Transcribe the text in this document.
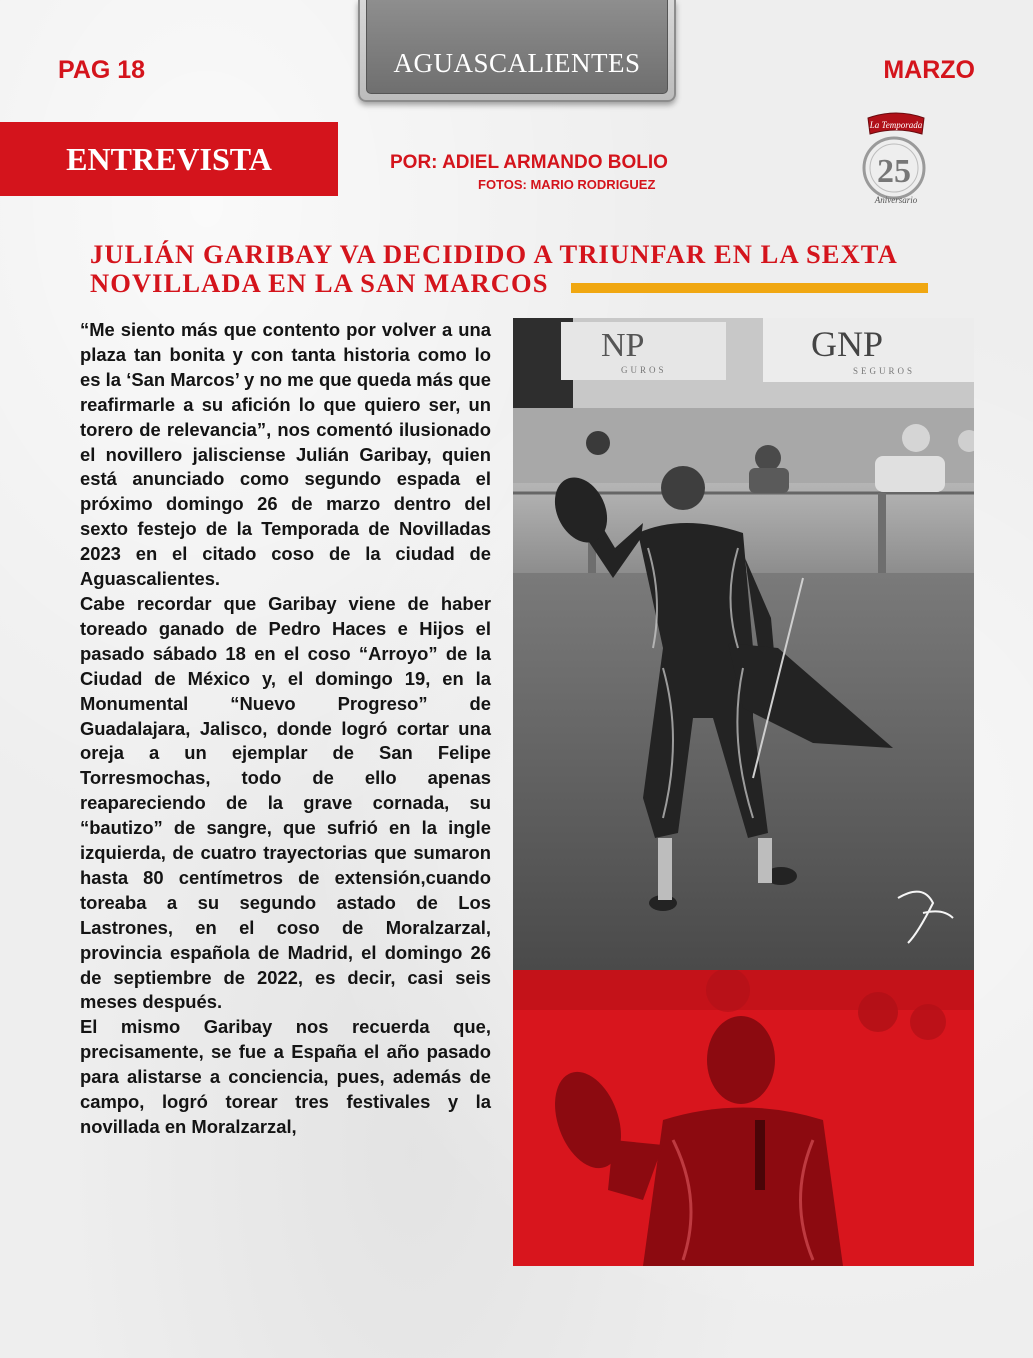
PAG 18	AGUASCALIENTES	MARZO
ENTREVISTA	POR: ADIEL ARMANDO BOLIO
FOTOS: MARIO RODRIGUEZ
La Temporada
25
Aniversario
JULIÁN GARIBAY VA DECIDIDO A TRIUNFAR EN LA SEXTA
NOVILLADA EN LA SAN MARCOS

“Me siento más que contento por volver a una plaza tan bonita y con tanta historia como lo es la ‘San Marcos’ y no me que queda más que reafirmarle a su afición lo que quiero ser, un torero de relevancia”, nos comentó ilusionado el novillero jalisciense Julián Garibay, quien está anunciado como segundo espada el próximo domingo 26 de marzo dentro del sexto festejo de la Temporada de Novilladas 2023 en el citado coso de la ciudad de Aguascalientes.

Cabe recordar que Garibay viene de haber toreado ganado de Pedro Haces e Hijos el pasado sábado 18 en el coso “Arroyo” de la Ciudad de México y, el domingo 19, en la Monumental “Nuevo Progreso” de Guadalajara, Jalisco, donde logró cortar una oreja a un ejemplar de San Felipe Torresmochas, todo de ello apenas reapareciendo de la grave cornada, su “bautizo” de sangre, que sufrió en la ingle izquierda, de cuatro trayectorias que sumaron hasta 80 centímetros de extensión,cuando toreaba a su segundo astado de Los Lastrones, en el coso de Moralzarzal, provincia española de Madrid, el domingo 26 de septiembre de 2022, es decir, casi seis meses después.

El mismo Garibay nos recuerda que, precisamente, se fue a España el año pasado para alistarse a conciencia, pues, además de campo, logró torear tres festivales y la novillada en Moralzarzal,

NP
GUROS
GNP
SEGUROS
